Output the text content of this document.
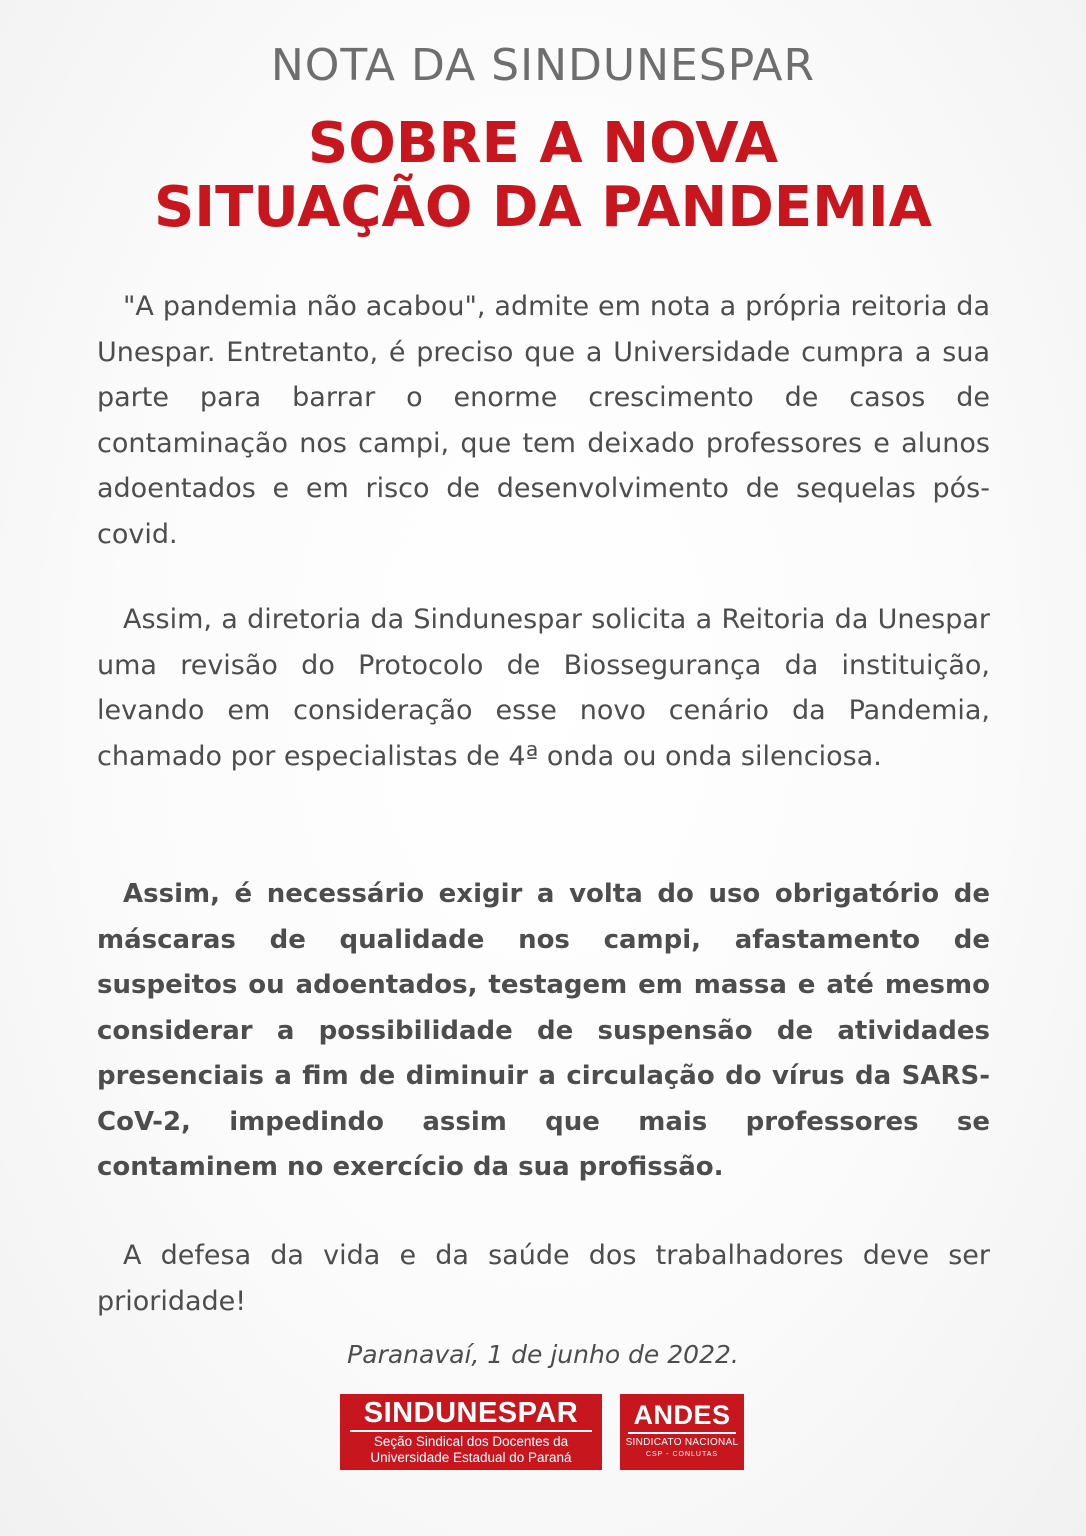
NOTA DA SINDUNESPAR
SOBRE A NOVA
SITUAÇÃO DA PANDEMIA

"A pandemia não acabou", admite em nota a própria reitoria da Unespar. Entretanto, é preciso que a Universidade cumpra a sua parte para barrar o enorme crescimento de casos de contaminação nos campi, que tem deixado professores e alunos adoentados e em risco de desenvolvimento de sequelas pós-covid.

Assim, a diretoria da Sindunespar solicita a Reitoria da Unespar uma revisão do Protocolo de Biossegurança da instituição, levando em consideração esse novo cenário da Pandemia, chamado por especialistas de 4ª onda ou onda silenciosa.

Assim, é necessário exigir a volta do uso obrigatório de máscaras de qualidade nos campi, afastamento de suspeitos ou adoentados, testagem em massa e até mesmo considerar a possibilidade de suspensão de atividades presenciais a fim de diminuir a circulação do vírus da SARS-CoV-2, impedindo assim que mais professores se contaminem no exercício da sua profissão.

A defesa da vida e da saúde dos trabalhadores deve ser prioridade!

Paranavaí, 1 de junho de 2022.
SINDUNESPAR
Seção Sindical dos Docentes da
Universidade Estadual do Paraná
ANDES
SINDICATO NACIONAL
CSP - CONLUTAS
